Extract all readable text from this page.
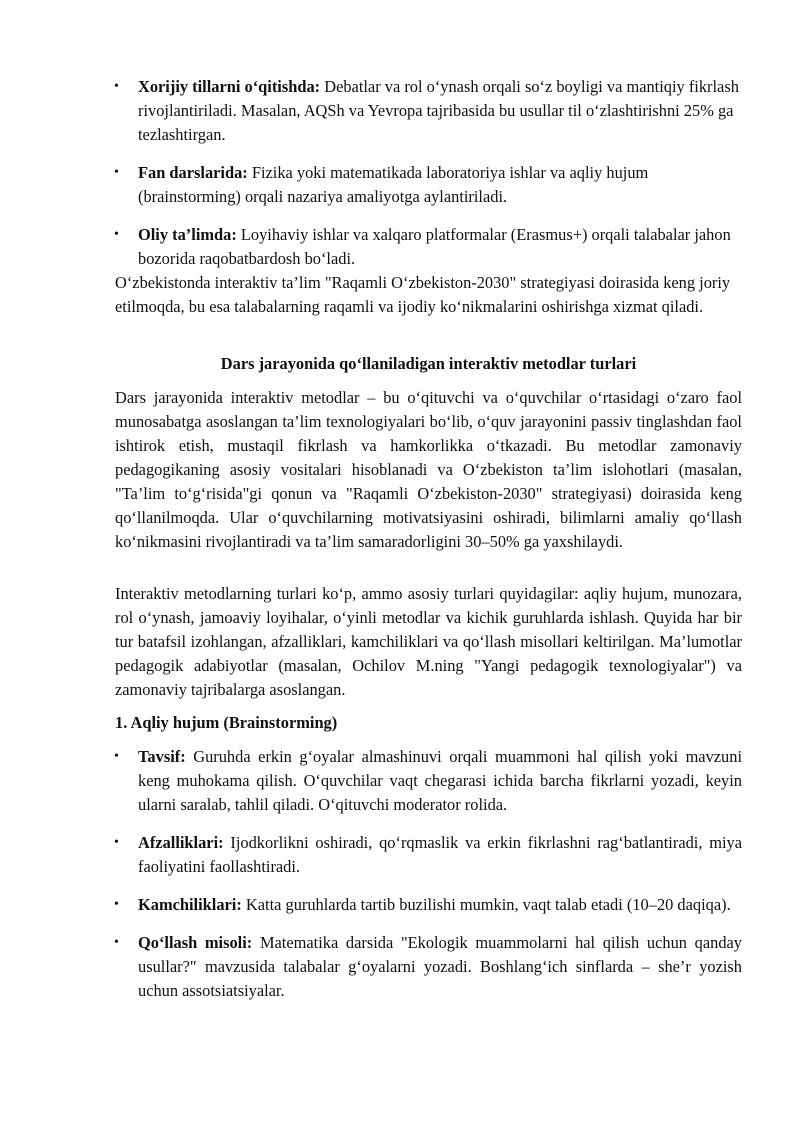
•	Xorijiy tillarni o‘qitishda: Debatlar va rol o‘ynash orqali so‘z boyligi va mantiqiy fikrlash rivojlantiriladi. Masalan, AQSh va Yevropa tajribasida bu usullar til o‘zlashtirishni 25% ga tezlashtirgan.
•	Fan darslarida: Fizika yoki matematikada laboratoriya ishlar va aqliy hujum (brainstorming) orqali nazariya amaliyotga aylantiriladi.
•	Oliy ta’limda: Loyihaviy ishlar va xalqaro platformalar (Erasmus+) orqali talabalar jahon bozorida raqobatbardosh bo‘ladi.

O‘zbekistonda interaktiv ta’lim "Raqamli O‘zbekiston-2030" strategiyasi doirasida keng joriy etilmoqda, bu esa talabalarning raqamli va ijodiy ko‘nikmalarini oshirishga xizmat qiladi.

Dars jarayonida qo‘llaniladigan interaktiv metodlar turlari

Dars jarayonida interaktiv metodlar – bu o‘qituvchi va o‘quvchilar o‘rtasidagi o‘zaro faol munosabatga asoslangan ta’lim texnologiyalari bo‘lib, o‘quv jarayonini passiv tinglashdan faol ishtirok etish, mustaqil fikrlash va hamkorlikka o‘tkazadi. Bu metodlar zamonaviy pedagogikaning asosiy vositalari hisoblanadi va O‘zbekiston ta’lim islohotlari (masalan, "Ta’lim to‘g‘risida"gi qonun va "Raqamli O‘zbekiston-2030" strategiyasi) doirasida keng qo‘llanilmoqda. Ular o‘quvchilarning motivatsiyasini oshiradi, bilimlarni amaliy qo‘llash ko‘nikmasini rivojlantiradi va ta’lim samaradorligini 30–50% ga yaxshilaydi.

Interaktiv metodlarning turlari ko‘p, ammo asosiy turlari quyidagilar: aqliy hujum, munozara, rol o‘ynash, jamoaviy loyihalar, o‘yinli metodlar va kichik guruhlarda ishlash. Quyida har bir tur batafsil izohlangan, afzalliklari, kamchiliklari va qo‘llash misollari keltirilgan. Ma’lumotlar pedagogik adabiyotlar (masalan, Ochilov M.ning "Yangi pedagogik texnologiyalar") va zamonaviy tajribalarga asoslangan.

1. Aqliy hujum (Brainstorming)

•	Tavsif: Guruhda erkin g‘oyalar almashinuvi orqali muammoni hal qilish yoki mavzuni keng muhokama qilish. O‘quvchilar vaqt chegarasi ichida barcha fikrlarni yozadi, keyin ularni saralab, tahlil qiladi. O‘qituvchi moderator rolida.
•	Afzalliklari: Ijodkorlikni oshiradi, qo‘rqmaslik va erkin fikrlashni rag‘batlantiradi, miya faoliyatini faollashtiradi.
•	Kamchiliklari: Katta guruhlarda tartib buzilishi mumkin, vaqt talab etadi (10–20 daqiqa).
•	Qo‘llash misoli: Matematika darsida "Ekologik muammolarni hal qilish uchun qanday usullar?" mavzusida talabalar g‘oyalarni yozadi. Boshlang‘ich sinflarda – she’r yozish uchun assotsiatsiyalar.
